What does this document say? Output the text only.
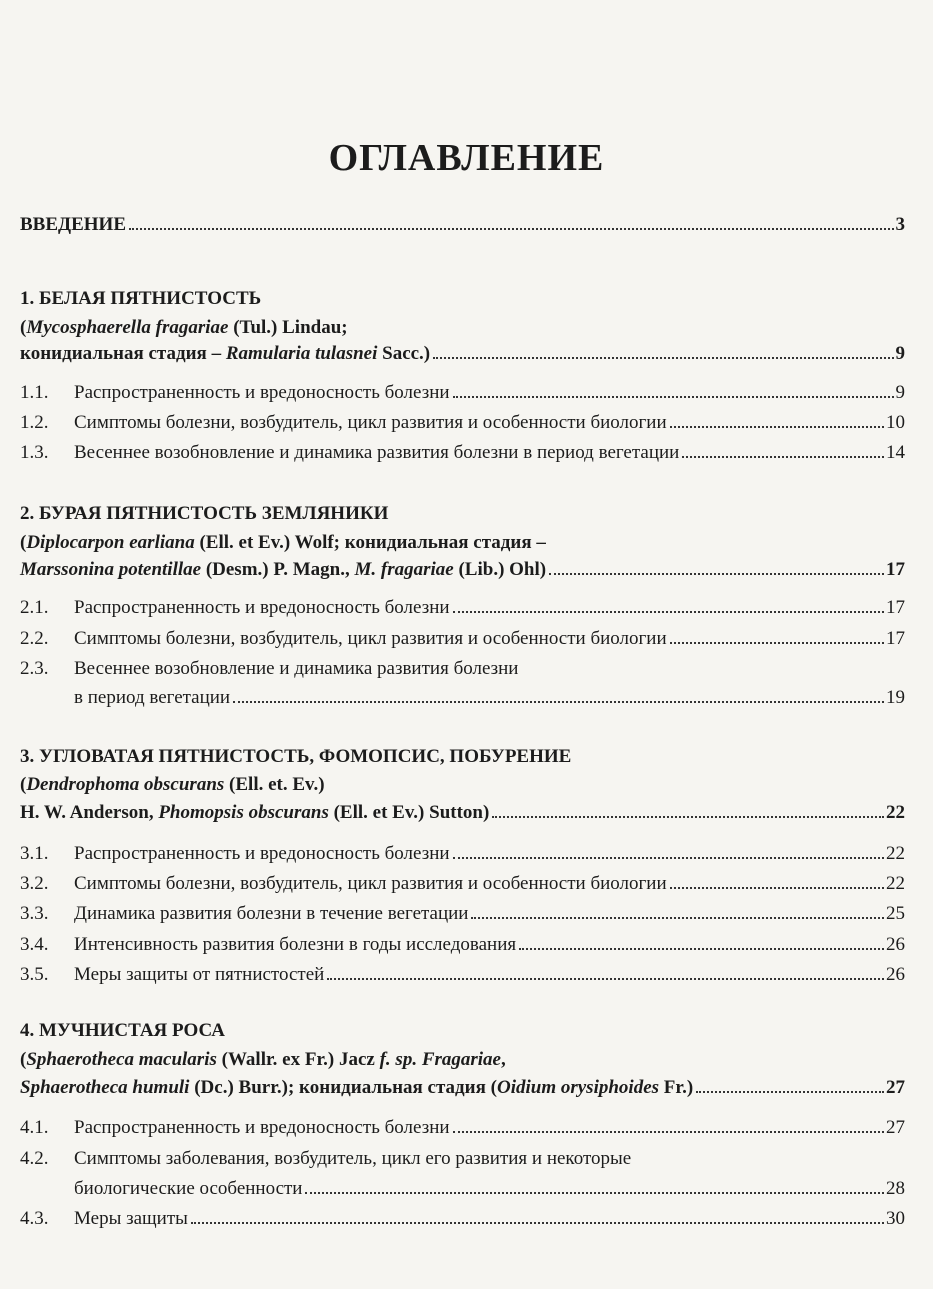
ОГЛАВЛЕНИЕ
ВВЕДЕНИЕ	3
1. БЕЛАЯ ПЯТНИСТОСТЬ
(Mycosphaerella fragariae (Tul.) Lindau;
конидиальная стадия – Ramularia tulasnei Sacc.)	9
1.1.	Распространенность и вредоносность болезни	9
1.2.	Симптомы болезни, возбудитель, цикл развития и особенности биологии	10
1.3.	Весеннее возобновление и динамика развития болезни в период вегетации	14
2. БУРАЯ ПЯТНИСТОСТЬ ЗЕМЛЯНИКИ
(Diplocarpon earliana (Ell. et Ev.) Wolf; конидиальная стадия –
Marssonina potentillae (Desm.) P. Magn., M. fragariae (Lib.) Ohl)	17
2.1.	Распространенность и вредоносность болезни	17
2.2.	Симптомы болезни, возбудитель, цикл развития и особенности биологии	17
2.3.	Весеннее возобновление и динамика развития болезни
в период вегетации	19
3. УГЛОВАТАЯ ПЯТНИСТОСТЬ, ФОМОПСИС, ПОБУРЕНИЕ
(Dendrophoma obscurans (Ell. et. Ev.)
H. W. Anderson, Phomopsis obscurans (Ell. et Ev.) Sutton)	22
3.1.	Распространенность и вредоносность болезни	22
3.2.	Симптомы болезни, возбудитель, цикл развития и особенности биологии	22
3.3.	Динамика развития болезни в течение вегетации	25
3.4.	Интенсивность развития болезни в годы исследования	26
3.5.	Меры защиты от пятнистостей	26
4. МУЧНИСТАЯ РОСА
(Sphaerotheca macularis (Wallr. ex Fr.) Jacz f. sp. Fragariae,
Sphaerotheca humuli (Dc.) Burr.); конидиальная стадия (Oidium orysiphoides Fr.)	27
4.1.	Распространенность и вредоносность болезни	27
4.2.	Симптомы заболевания, возбудитель, цикл его развития и некоторые
биологические особенности	28
4.3.	Меры защиты	30
